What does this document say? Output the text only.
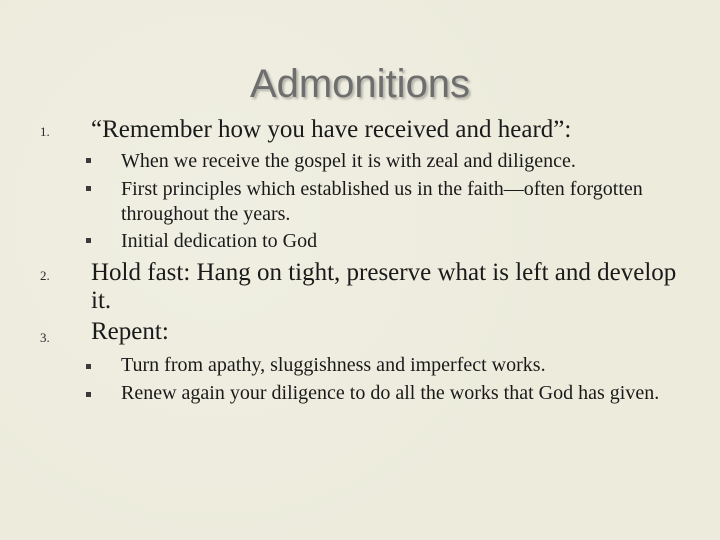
Admonitions
1. “Remember how you have received and heard”:
When we receive the gospel it is with zeal and diligence.
First principles which established us in the faith—often forgotten throughout the years.
Initial dedication to God
2. Hold fast: Hang on tight, preserve what is left and develop it.
3. Repent:
Turn from apathy, sluggishness and imperfect works.
Renew again your diligence to do all the works that God has given.
